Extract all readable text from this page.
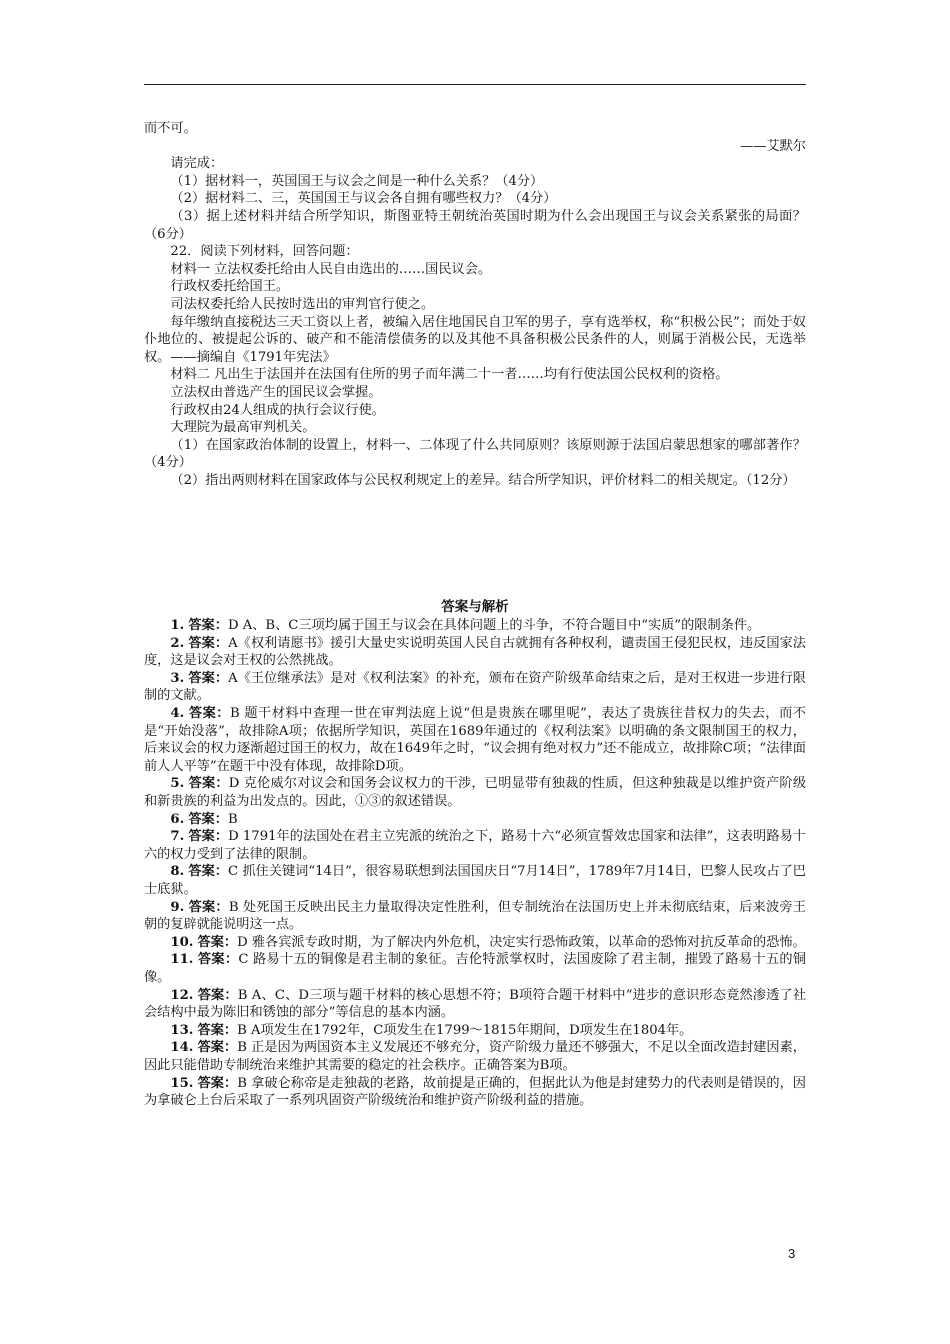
而不可。

——艾默尔

请完成：

（1）据材料一，英国国王与议会之间是一种什么关系？（4分）

（2）据材料二、三，英国国王与议会各自拥有哪些权力？（4分）

（3）据上述材料并结合所学知识，斯图亚特王朝统治英国时期为什么会出现国王与议会关系紧张的局面？（6分）

22．阅读下列材料，回答问题：

材料一 立法权委托给由人民自由选出的……国民议会。

行政权委托给国王。

司法权委托给人民按时选出的审判官行使之。

每年缴纳直接税达三天工资以上者，被编入居住地国民自卫军的男子，享有选举权，称“积极公民”；而处于奴仆地位的、被提起公诉的、破产和不能清偿债务的以及其他不具备积极公民条件的人，则属于消极公民，无选举权。——摘编自《1791年宪法》

材料二 凡出生于法国并在法国有住所的男子而年满二十一者……均有行使法国公民权利的资格。

立法权由普选产生的国民议会掌握。

行政权由24人组成的执行会议行使。

大理院为最高审判机关。

（1）在国家政治体制的设置上，材料一、二体现了什么共同原则？该原则源于法国启蒙思想家的哪部著作？（4分）

（2）指出两则材料在国家政体与公民权利规定上的差异。结合所学知识，评价材料二的相关规定。（12分）

答案与解析

1. 答案：D A、B、C三项均属于国王与议会在具体问题上的斗争，不符合题目中“实质”的限制条件。

2. 答案：A《权利请愿书》援引大量史实说明英国人民自古就拥有各种权利，谴责国王侵犯民权，违反国家法度，这是议会对王权的公然挑战。

3. 答案：A《王位继承法》是对《权利法案》的补充，颁布在资产阶级革命结束之后，是对王权进一步进行限制的文献。

4. 答案：B 题干材料中查理一世在审判法庭上说“但是贵族在哪里呢”，表达了贵族往昔权力的失去，而不是“开始没落”，故排除A项；依据所学知识，英国在1689年通过的《权利法案》以明确的条文限制国王的权力，后来议会的权力逐渐超过国王的权力，故在1649年之时，“议会拥有绝对权力”还不能成立，故排除C项；“法律面前人人平等”在题干中没有体现，故排除D项。

5. 答案：D 克伦威尔对议会和国务会议权力的干涉，已明显带有独裁的性质，但这种独裁是以维护资产阶级和新贵族的利益为出发点的。因此，①③的叙述错误。

6. 答案：B

7. 答案：D 1791年的法国处在君主立宪派的统治之下，路易十六“必须宣誓效忠国家和法律”，这表明路易十六的权力受到了法律的限制。

8. 答案：C 抓住关键词“14日”，很容易联想到法国国庆日“7月14日”，1789年7月14日，巴黎人民攻占了巴士底狱。

9. 答案：B 处死国王反映出民主力量取得决定性胜利，但专制统治在法国历史上并未彻底结束，后来波旁王朝的复辟就能说明这一点。

10. 答案：D 雅各宾派专政时期，为了解决内外危机，决定实行恐怖政策，以革命的恐怖对抗反革命的恐怖。

11. 答案：C 路易十五的铜像是君主制的象征。吉伦特派掌权时，法国废除了君主制，摧毁了路易十五的铜像。

12. 答案：B A、C、D三项与题干材料的核心思想不符；B项符合题干材料中“进步的意识形态竟然渗透了社会结构中最为陈旧和锈蚀的部分”等信息的基本内涵。

13. 答案：B A项发生在1792年，C项发生在1799～1815年期间，D项发生在1804年。

14. 答案：B 正是因为两国资本主义发展还不够充分，资产阶级力量还不够强大，不足以全面改造封建因素，因此只能借助专制统治来维护其需要的稳定的社会秩序。正确答案为B项。

15. 答案：B 拿破仑称帝是走独裁的老路，故前提是正确的，但据此认为他是封建势力的代表则是错误的，因为拿破仑上台后采取了一系列巩固资产阶级统治和维护资产阶级利益的措施。

3
